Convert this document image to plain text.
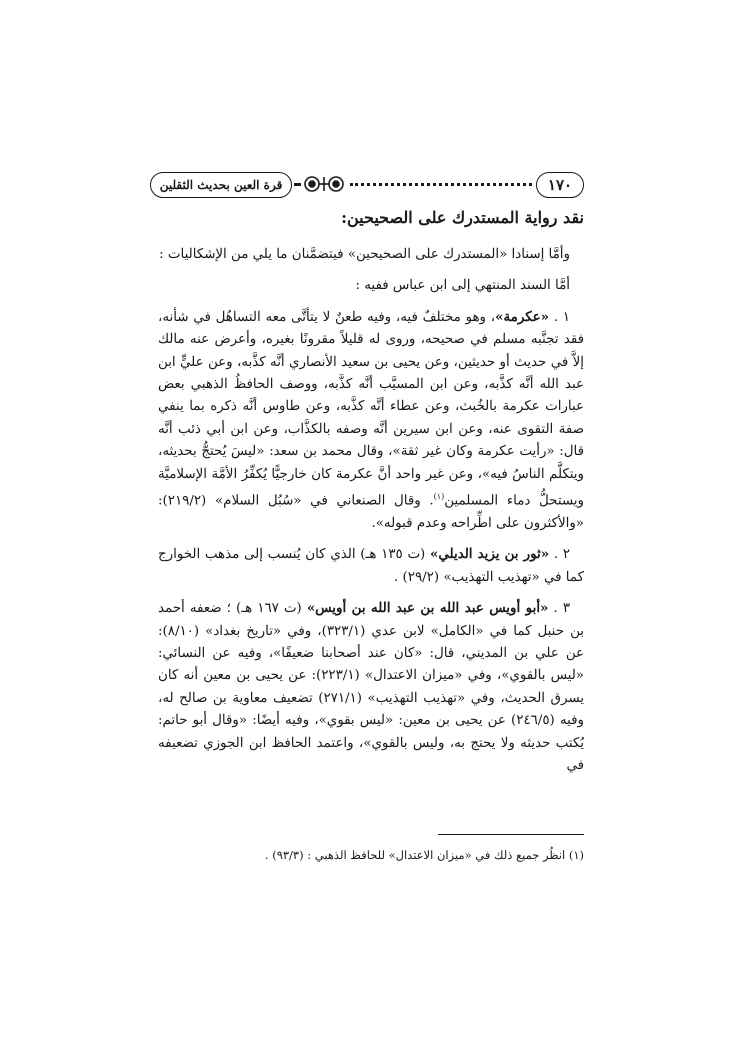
قرة العين بحديث الثقلين	١٧٠
نقد رواية المستدرك على الصحيحين:

وأمَّا إسنادا «المستدرك على الصحيحين» فيتضمَّنان ما يلي من الإشكاليات :

أمَّا السند المنتهي إلى ابن عباس ففيه :

١ . «عكرمة»، وهو مختلفٌ فيه، وفيه طعنٌ لا يتأتَّى معه التساهُل في شأنه، فقد تجنَّبه مسلم في صحيحه، وروى له قليلاً مقرونًا بغيره، وأعرض عنه مالك إلاَّ في حديث أو حديثين، وعن يحيى بن سعيد الأنصاري أنَّه كذَّبه، وعن عليٍّ ابن عبد الله أنَّه كذَّبه، وعن ابن المسيَّب أنَّه كذَّبه، ووصف الحافظُ الذهبي بعض عبارات عكرمة بالخُبث، وعن عطاء أنَّه كذَّبه، وعن طاوس أنَّه ذكره بما ينفي صفة التقوى عنه، وعن ابن سيرين أنَّه وصفه بالكذَّاب، وعن ابن أبي ذئب أنَّه قال: «رأيت عكرمة وكان غير ثقة»، وقال محمد بن سعد: «ليسَ يُحتجُّ بحديثه، ويتكلَّم الناسُ فيه»، وعن غير واحد أنَّ عكرمة كان خارجيًّا يُكفِّرُ الأمَّة الإسلاميَّة ويستحلُّ دماء المسلمين$^{(١)}$. وقال الصنعاني في «سُبُل السلام» (٢١٩/٢): «والأكثرون على اطِّراحه وعدم قبوله».

٢ . «ثور بن يزيد الديلي» (ت ١٣٥ هـ) الذي كان يُنسب إلى مذهب الخوارج كما في «تهذيب التهذيب» (٢٩/٢) .

٣ . «أبو أويس عبد الله بن عبد الله بن أويس» (ت ١٦٧ هـ) ؛ ضعفه أحمد بن حنبل كما في «الكامل» لابن عدي (٣٢٣/١)، وفي «تاريخ بغداد» (٨/١٠): عن علي بن المديني، قال: «كان عند أصحابنا ضعيفًا»، وفيه عن النسائي: «ليس بالقوي»، وفي «ميزان الاعتدال» (٢٢٣/١): عن يحيى بن معين أنه كان يسرق الحديث، وفي «تهذيب التهذيب» (٢٧١/١) تضعيف معاوية بن صالح له، وفيه (٢٤٦/٥) عن يحيى بن معين: «ليس بقوي»، وفيه أيضًا: «وقال أبو حاتم: يُكتب حديثه ولا يحتج به، وليس بالقوي»، واعتمد الحافظ ابن الجوزي تضعيفه في

(١) انظُر جميع ذلك في «ميزان الاعتدال» للحافظ الذهبي : (٩٣/٣) .
